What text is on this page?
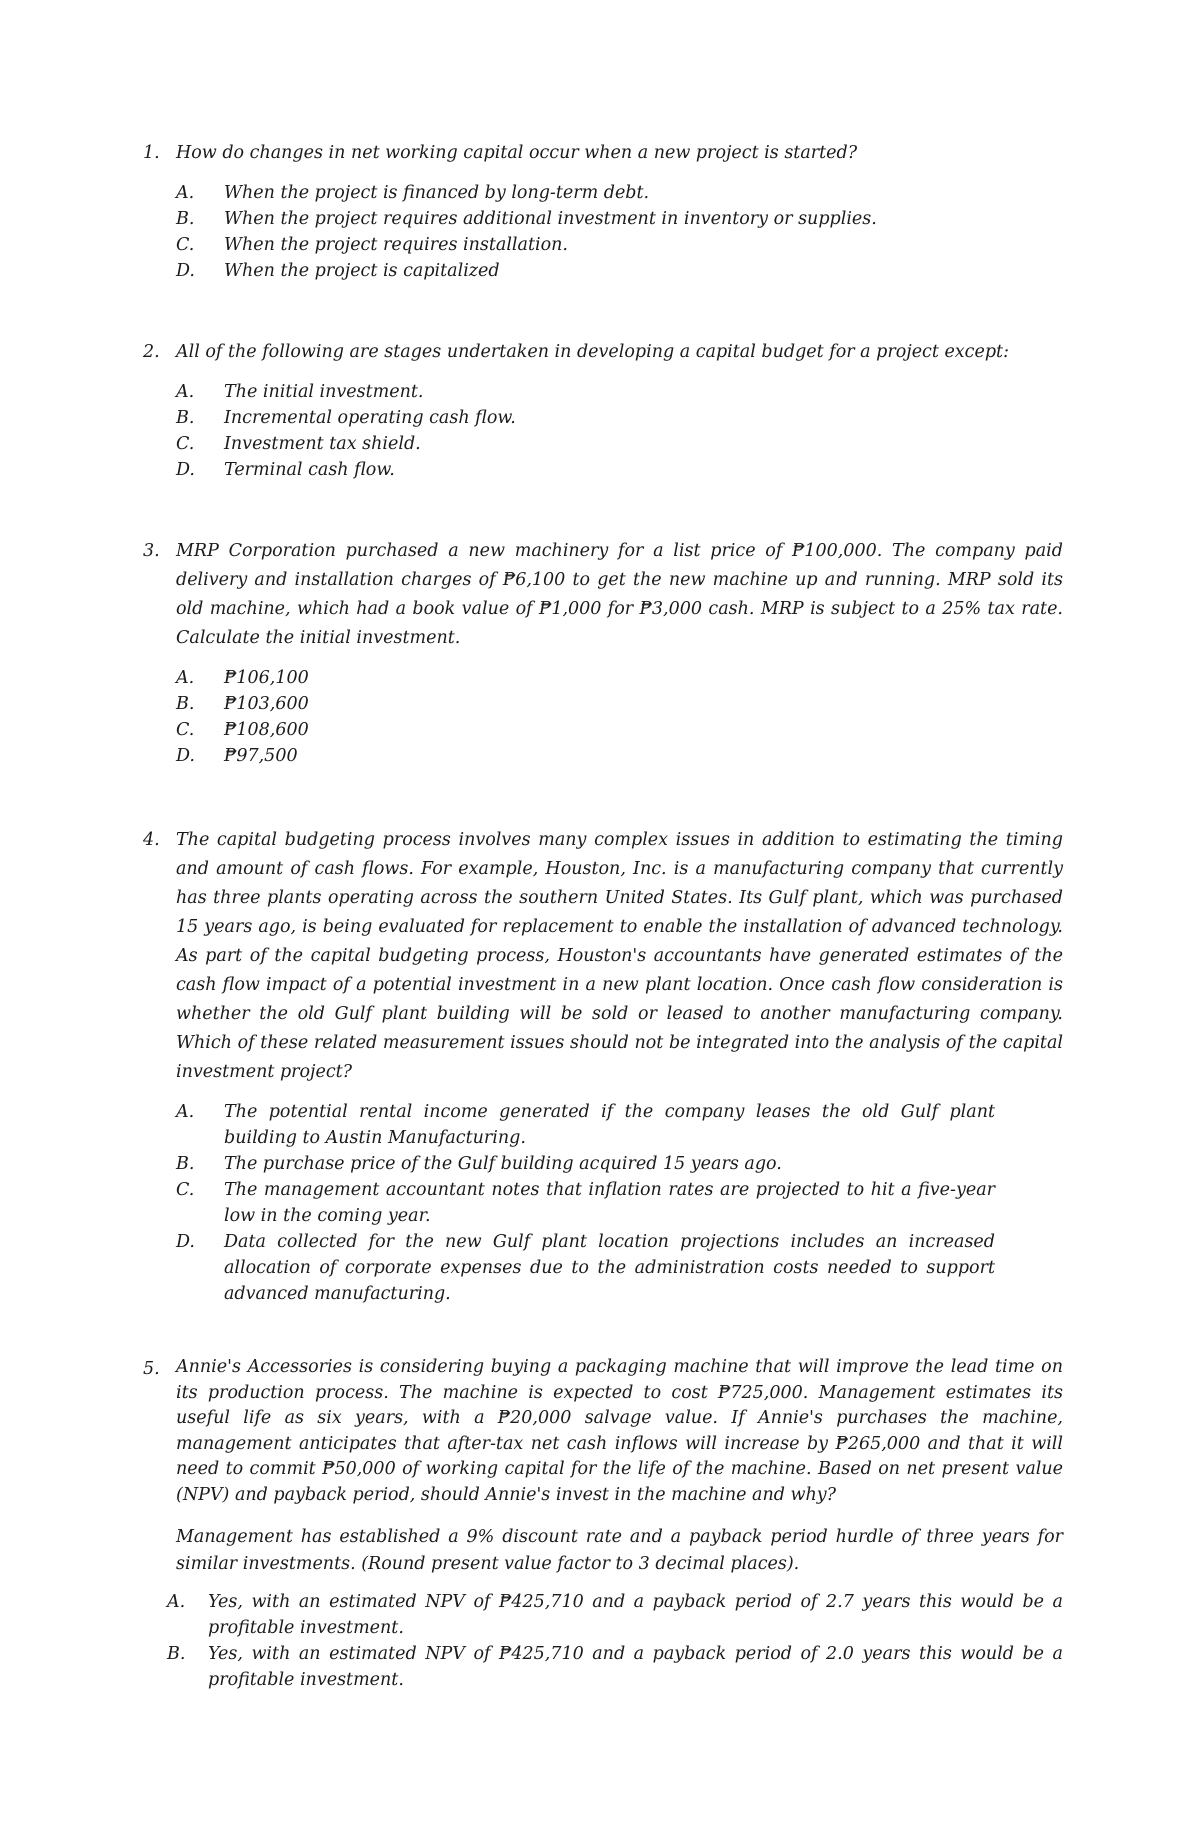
1. How do changes in net working capital occur when a new project is started?
A.	When the project is financed by long-term debt.
B.	When the project requires additional investment in inventory or supplies.
C.	When the project requires installation.
D.	When the project is capitalized
2. All of the following are stages undertaken in developing a capital budget for a project except:
A.	The initial investment.
B.	Incremental operating cash flow.
C.	Investment tax shield.
D.	Terminal cash flow.
3. MRP Corporation purchased a new machinery for a list price of ₱100,000. The company paid delivery and installation charges of ₱6,100 to get the new machine up and running. MRP sold its old machine, which had a book value of ₱1,000 for ₱3,000 cash. MRP is subject to a 25% tax rate. Calculate the initial investment.
A.	₱106,100
B.	₱103,600
C.	₱108,600
D.	₱97,500
4. The capital budgeting process involves many complex issues in addition to estimating the timing and amount of cash flows. For example, Houston, Inc. is a manufacturing company that currently has three plants operating across the southern United States. Its Gulf plant, which was purchased 15 years ago, is being evaluated for replacement to enable the installation of advanced technology. As part of the capital budgeting process, Houston's accountants have generated estimates of the cash flow impact of a potential investment in a new plant location. Once cash flow consideration is whether the old Gulf plant building will be sold or leased to another manufacturing company. Which of these related measurement issues should not be integrated into the analysis of the capital investment project?
A.	The potential rental income generated if the company leases the old Gulf plant building to Austin Manufacturing.
B.	The purchase price of the Gulf building acquired 15 years ago.
C.	The management accountant notes that inflation rates are projected to hit a five-year low in the coming year.
D.	Data collected for the new Gulf plant location projections includes an increased allocation of corporate expenses due to the administration costs needed to support advanced manufacturing.
5. Annie's Accessories is considering buying a packaging machine that will improve the lead time on its production process. The machine is expected to cost ₱725,000. Management estimates its useful life as six years, with a ₱20,000 salvage value. If Annie's purchases the machine, management anticipates that after-tax net cash inflows will increase by ₱265,000 and that it will need to commit ₱50,000 of working capital for the life of the machine. Based on net present value (NPV) and payback period, should Annie's invest in the machine and why?
Management has established a 9% discount rate and a payback period hurdle of three years for similar investments. (Round present value factor to 3 decimal places).
A.	Yes, with an estimated NPV of ₱425,710 and a payback period of 2.7 years this would be a profitable investment.
B.	Yes, with an estimated NPV of ₱425,710 and a payback period of 2.0 years this would be a profitable investment.
